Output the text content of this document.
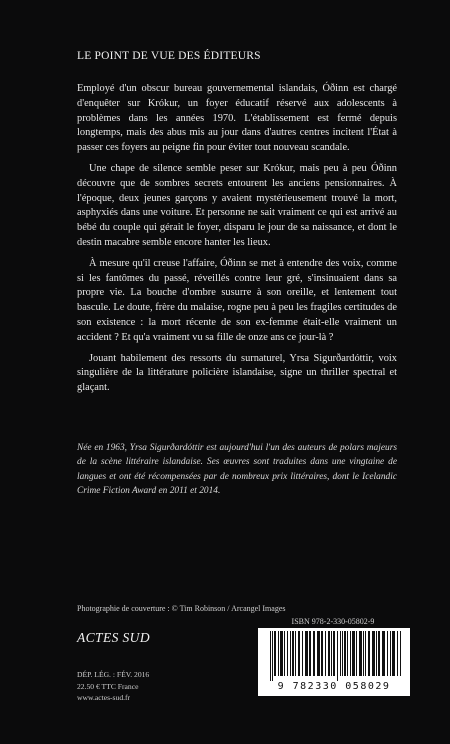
LE POINT DE VUE DES ÉDITEURS

Employé d'un obscur bureau gouvernemental islandais, Óðinn est chargé d'enquêter sur Krókur, un foyer éducatif réservé aux adolescents à problèmes dans les années 1970. L'établissement est fermé depuis longtemps, mais des abus mis au jour dans d'autres centres incitent l'État à passer ces foyers au peigne fin pour éviter tout nouveau scandale.

Une chape de silence semble peser sur Krókur, mais peu à peu Óðinn découvre que de sombres secrets entourent les anciens pensionnaires. À l'époque, deux jeunes garçons y avaient mystérieusement trouvé la mort, asphyxiés dans une voiture. Et personne ne sait vraiment ce qui est arrivé au bébé du couple qui gérait le foyer, disparu le jour de sa naissance, et dont le destin macabre semble encore hanter les lieux.

À mesure qu'il creuse l'affaire, Óðinn se met à entendre des voix, comme si les fantômes du passé, réveillés contre leur gré, s'insinuaient dans sa propre vie. La bouche d'ombre susurre à son oreille, et lentement tout bascule. Le doute, frère du malaise, rogne peu à peu les fragiles certitudes de son existence : la mort récente de son ex-femme était-elle vraiment un accident ? Et qu'a vraiment vu sa fille de onze ans ce jour-là ?

Jouant habilement des ressorts du surnaturel, Yrsa Sigurðardóttir, voix singulière de la littérature policière islandaise, signe un thriller spectral et glaçant.

Née en 1963, Yrsa Sigurðardóttir est aujourd'hui l'un des auteurs de polars majeurs de la scène littéraire islandaise. Ses œuvres sont traduites dans une vingtaine de langues et ont été récompensées par de nombreux prix littéraires, dont le Icelandic Crime Fiction Award en 2011 et 2014.

Photographie de couverture : © Tim Robinson / Arcangel Images
ISBN 978-2-330-05802-9
9 782330 058029
ACTES SUD
DÉP. LÉG. : FÉV. 2016
22.50 € TTC France
www.actes-sud.fr
